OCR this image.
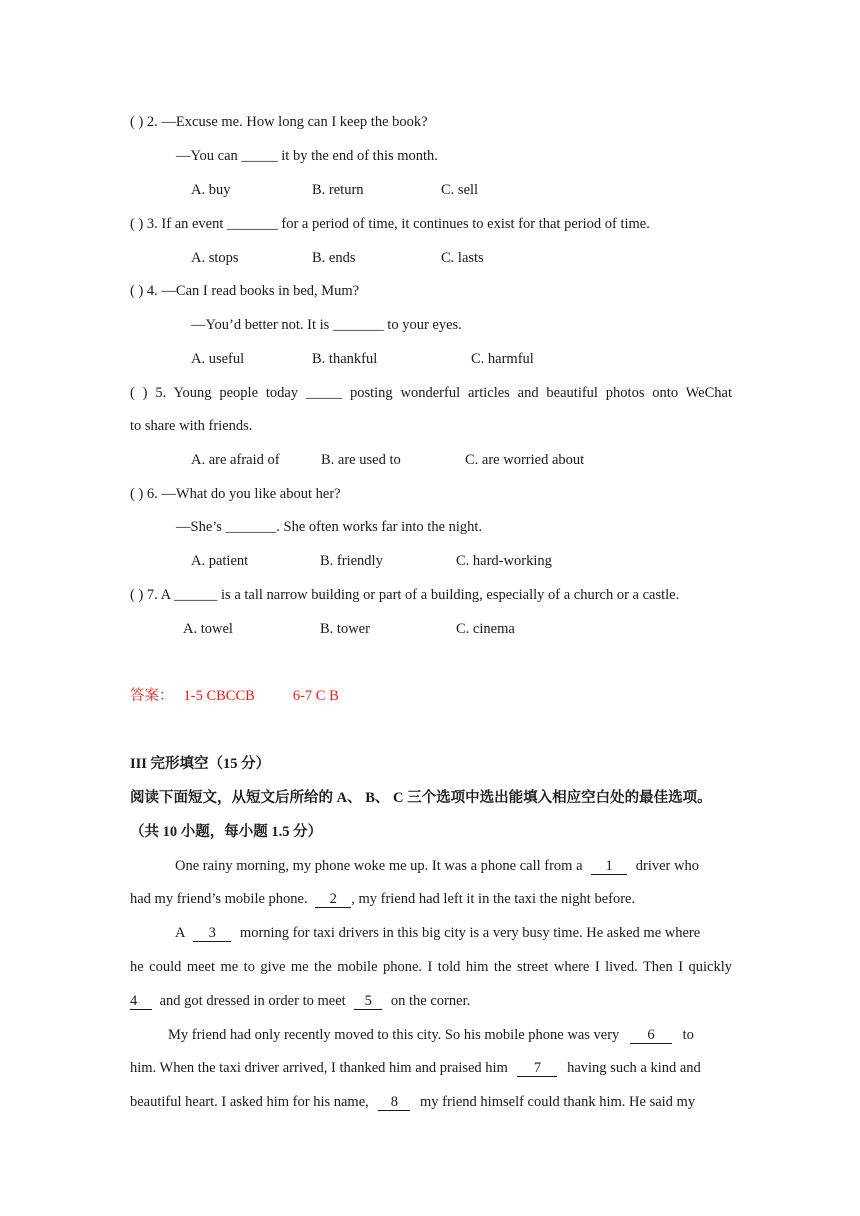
( ) 2. —Excuse me. How long can I keep the book?
—You can _____ it by the end of this month.
A. buy	B. return	C. sell
( ) 3. If an event _______ for a period of time, it continues to exist for that period of time.
A. stops	B. ends	C. lasts
( ) 4. —Can I read books in bed, Mum?
—You’d better not. It is _______ to your eyes.
A. useful	B. thankful	C. harmful
( ) 5. Young people today _____ posting wonderful articles and beautiful photos onto WeChat
to share with friends.
A. are afraid of	B. are used to	C. are worried about
( ) 6. —What do you like about her?
—She’s _______. She often works far into the night.
A. patient	B. friendly	C. hard-working
( ) 7. A ______ is a tall narrow building or part of a building, especially of a church or a castle.
A. towel	B. tower	C. cinema
答案： 1-5 CBCCB	6-7 C B
III 完形填空（15 分）
阅读下面短文，从短文后所给的 A、 B、 C 三个选项中选出能填入相应空白处的最佳选项。
（共 10 小题，每小题 1.5 分）
One rainy morning, my phone woke me up. It was a phone call from a 1 driver who
had my friend’s mobile phone. 2 , my friend had left it in the taxi the night before.
A 3 morning for taxi drivers in this big city is a very busy time. He asked me where
he could meet me to give me the mobile phone. I told him the street where I lived. Then I quickly
4 and got dressed in order to meet 5 on the corner.
My friend had only recently moved to this city. So his mobile phone was very 6 to
him. When the taxi driver arrived, I thanked him and praised him 7 having such a kind and
beautiful heart. I asked him for his name, 8 my friend himself could thank him. He said my
